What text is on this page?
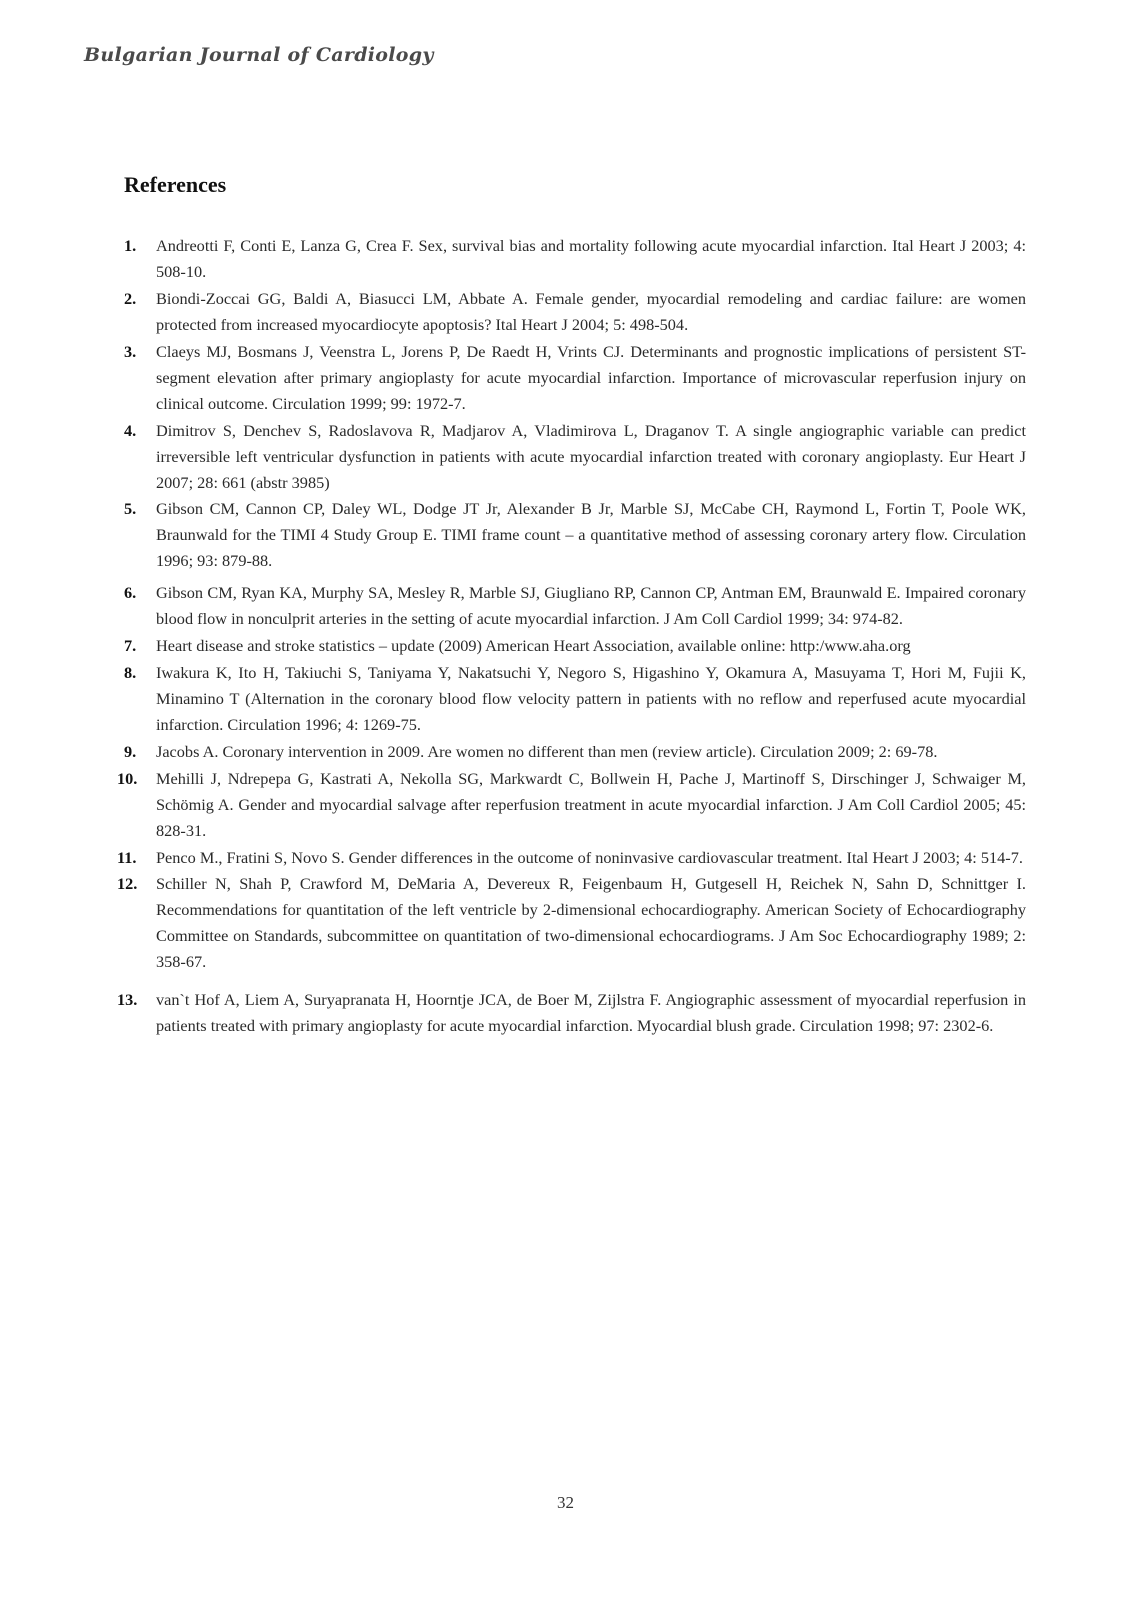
Bulgarian Journal of Cardiology
References
1. Andreotti F, Conti E, Lanza G, Crea F. Sex, survival bias and mortality following acute myocardial infarction. Ital Heart J 2003; 4: 508-10.
2. Biondi-Zoccai GG, Baldi A, Biasucci LM, Abbate A. Female gender, myocardial remodeling and cardiac failure: are women protected from increased myocardiocyte apoptosis? Ital Heart J 2004; 5: 498-504.
3. Claeys MJ, Bosmans J, Veenstra L, Jorens P, De Raedt H, Vrints CJ. Determinants and prognostic implications of persistent ST-segment elevation after primary angioplasty for acute myocardial infarction. Importance of microvascular reperfusion injury on clinical outcome. Circulation 1999; 99: 1972-7.
4. Dimitrov S, Denchev S, Radoslavova R, Madjarov A, Vladimirova L, Draganov T. A single angiographic variable can predict irreversible left ventricular dysfunction in patients with acute myocardial infarction treated with coronary angioplasty. Eur Heart J 2007; 28: 661 (abstr 3985)
5. Gibson CM, Cannon CP, Daley WL, Dodge JT Jr, Alexander B Jr, Marble SJ, McCabe CH, Raymond L, Fortin T, Poole WK, Braunwald for the TIMI 4 Study Group E. TIMI frame count – a quantitative method of assessing coronary artery flow. Circulation 1996; 93: 879-88.
6. Gibson CM, Ryan KA, Murphy SA, Mesley R, Marble SJ, Giugliano RP, Cannon CP, Antman EM, Braunwald E. Impaired coronary blood flow in nonculprit arteries in the setting of acute myocardial infarction. J Am Coll Cardiol 1999; 34: 974-82.
7. Heart disease and stroke statistics – update (2009) American Heart Association, available online: http:/www.aha.org
8. Iwakura K, Ito H, Takiuchi S, Taniyama Y, Nakatsuchi Y, Negoro S, Higashino Y, Okamura A, Masuyama T, Hori M, Fujii K, Minamino T (Alternation in the coronary blood flow velocity pattern in patients with no reflow and reperfused acute myocardial infarction. Circulation 1996; 4: 1269-75.
9. Jacobs A. Coronary intervention in 2009. Are women no different than men (review article). Circulation 2009; 2: 69-78.
10. Mehilli J, Ndrepepa G, Kastrati A, Nekolla SG, Markwardt C, Bollwein H, Pache J, Martinoff S, Dirschinger J, Schwaiger M, Schömig A. Gender and myocardial salvage after reperfusion treatment in acute myocardial infarction. J Am Coll Cardiol 2005; 45: 828-31.
11. Penco M., Fratini S, Novo S. Gender differences in the outcome of noninvasive cardiovascular treatment. Ital Heart J 2003; 4: 514-7.
12. Schiller N, Shah P, Crawford M, DeMaria A, Devereux R, Feigenbaum H, Gutgesell H, Reichek N, Sahn D, Schnittger I. Recommendations for quantitation of the left ventricle by 2-dimensional echocardiography. American Society of Echocardiography Committee on Standards, subcommittee on quantitation of two-dimensional echocardiograms. J Am Soc Echocardiography 1989; 2: 358-67.
13. van`t Hof A, Liem A, Suryapranata H, Hoorntje JCA, de Boer M, Zijlstra F. Angiographic assessment of myocardial reperfusion in patients treated with primary angioplasty for acute myocardial infarction. Myocardial blush grade. Circulation 1998; 97: 2302-6.
32
